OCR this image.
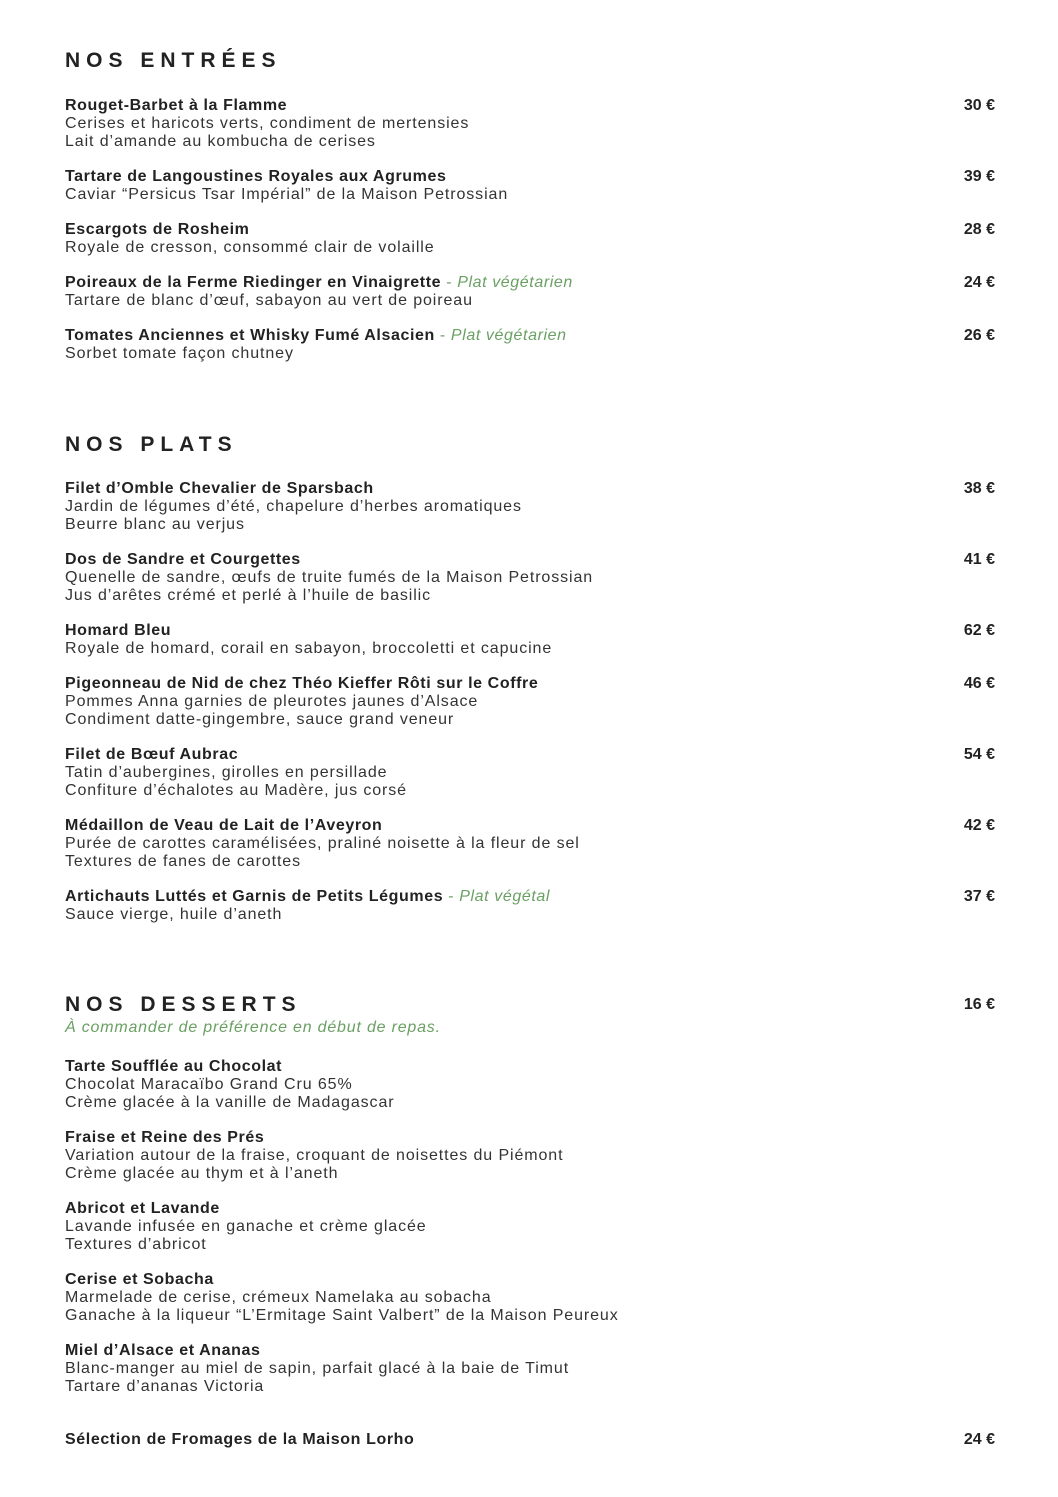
NOS ENTRÉES
Rouget-Barbet à la Flamme
Cerises et haricots verts, condiment de mertensies
Lait d’amande au kombucha de cerises
30 €
Tartare de Langoustines Royales aux Agrumes
Caviar “Persicus Tsar Impérial” de la Maison Petrossian
39 €
Escargots de Rosheim
Royale de cresson, consommé clair de volaille
28 €
Poireaux de la Ferme Riedinger en Vinaigrette - Plat végétarien
Tartare de blanc d’œuf, sabayon au vert de poireau
24 €
Tomates Anciennes et Whisky Fumé Alsacien - Plat végétarien
Sorbet tomate façon chutney
26 €
NOS PLATS
Filet d’Omble Chevalier de Sparsbach
Jardin de légumes d’été, chapelure d’herbes aromatiques
Beurre blanc au verjus
38 €
Dos de Sandre et Courgettes
Quenelle de sandre, œufs de truite fumés de la Maison Petrossian
Jus d’arêtes crémé et perlé à l’huile de basilic
41 €
Homard Bleu
Royale de homard, corail en sabayon, broccoletti et capucine
62 €
Pigeonneau de Nid de chez Théo Kieffer Rôti sur le Coffre
Pommes Anna garnies de pleurotes jaunes d’Alsace
Condiment datte-gingembre, sauce grand veneur
46 €
Filet de Bœuf Aubrac
Tatin d’aubergines, girolles en persillade
Confiture d’échalotes au Madère, jus corsé
54 €
Médaillon de Veau de Lait de l’Aveyron
Purée de carottes caramélisées, praliné noisette à la fleur de sel
Textures de fanes de carottes
42 €
Artichauts Luttés et Garnis de Petits Légumes - Plat végétal
Sauce vierge, huile d’aneth
37 €
NOS DESSERTS	16 €
À commander de préférence en début de repas.
Tarte Soufflée au Chocolat
Chocolat Maracaïbo Grand Cru 65%
Crème glacée à la vanille de Madagascar
Fraise et Reine des Prés
Variation autour de la fraise, croquant de noisettes du Piémont
Crème glacée au thym et à l’aneth
Abricot et Lavande
Lavande infusée en ganache et crème glacée
Textures d’abricot
Cerise et Sobacha
Marmelade de cerise, crémeux Namelaka au sobacha
Ganache à la liqueur “L’Ermitage Saint Valbert” de la Maison Peureux
Miel d’Alsace et Ananas
Blanc-manger au miel de sapin, parfait glacé à la baie de Timut
Tartare d’ananas Victoria
Sélection de Fromages de la Maison Lorho	24 €
